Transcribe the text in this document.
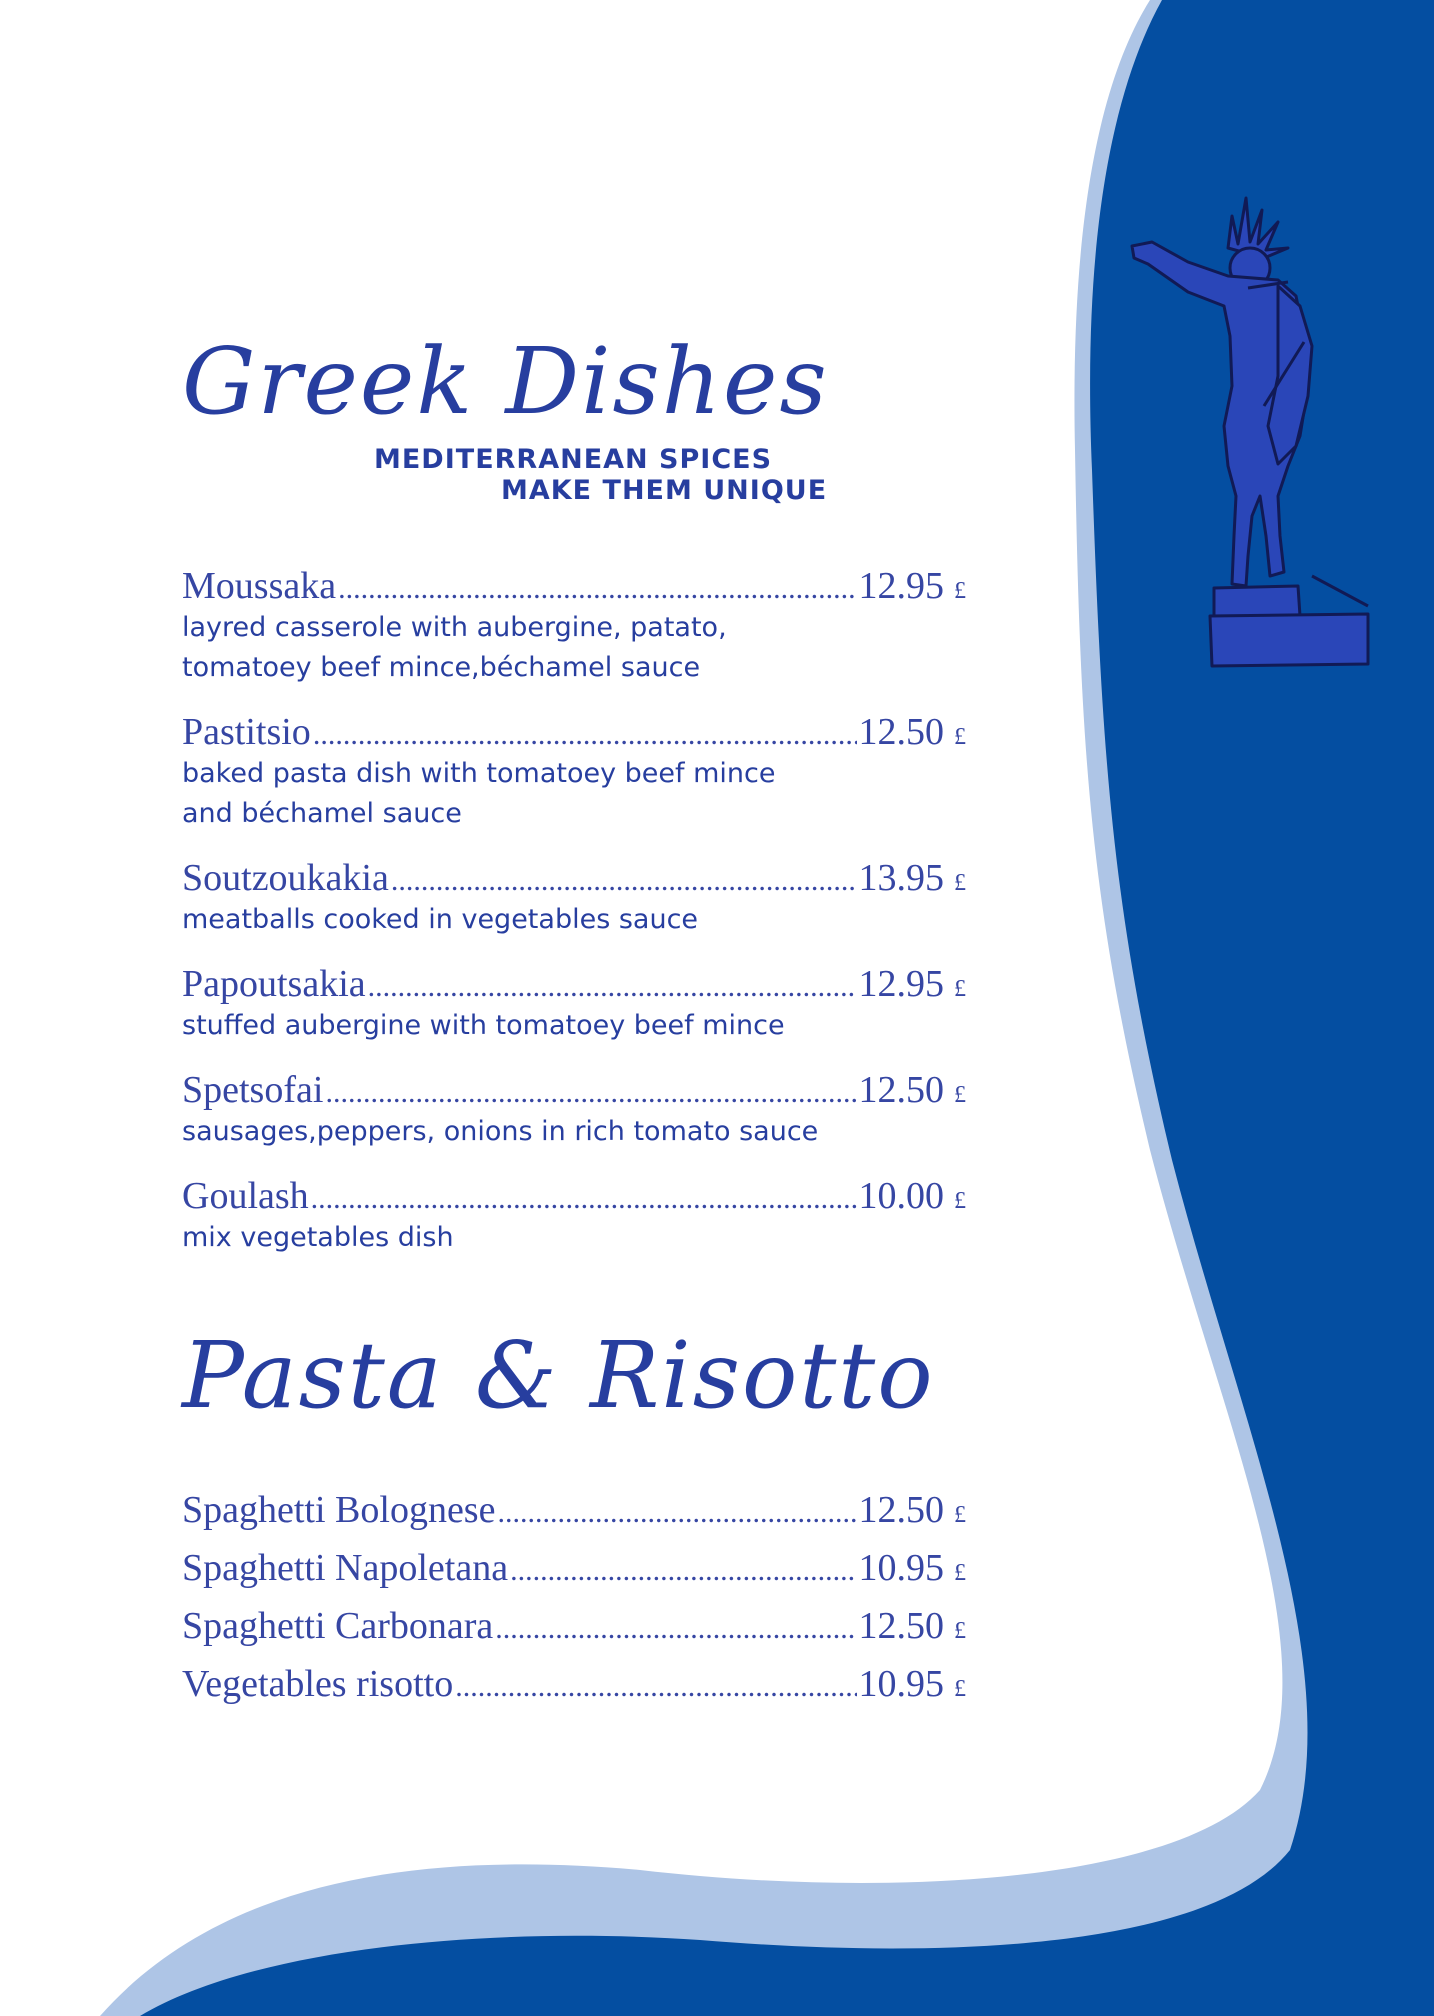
Greek Dishes
MEDITERRANEAN SPICES
MAKE THEM UNIQUE
Moussaka .....	12.95 £
layred casserole with aubergine, patato,
tomatoey beef mince,béchamel sauce
Pastitsio .....	12.50 £
baked pasta dish with tomatoey beef mince
and béchamel sauce
Soutzoukakia .....	13.95 £
meatballs cooked in vegetables sauce
Papoutsakia .....	12.95 £
stuffed aubergine with tomatoey beef mince
Spetsofai .....	12.50 £
sausages,peppers, onions in rich tomato sauce
Goulash .....	10.00 £
mix vegetables dish
Pasta & Risotto
Spaghetti Bolognese .....	12.50 £
Spaghetti Napoletana .....	10.95 £
Spaghetti Carbonara .....	12.50 £
Vegetables risotto .....	10.95 £
